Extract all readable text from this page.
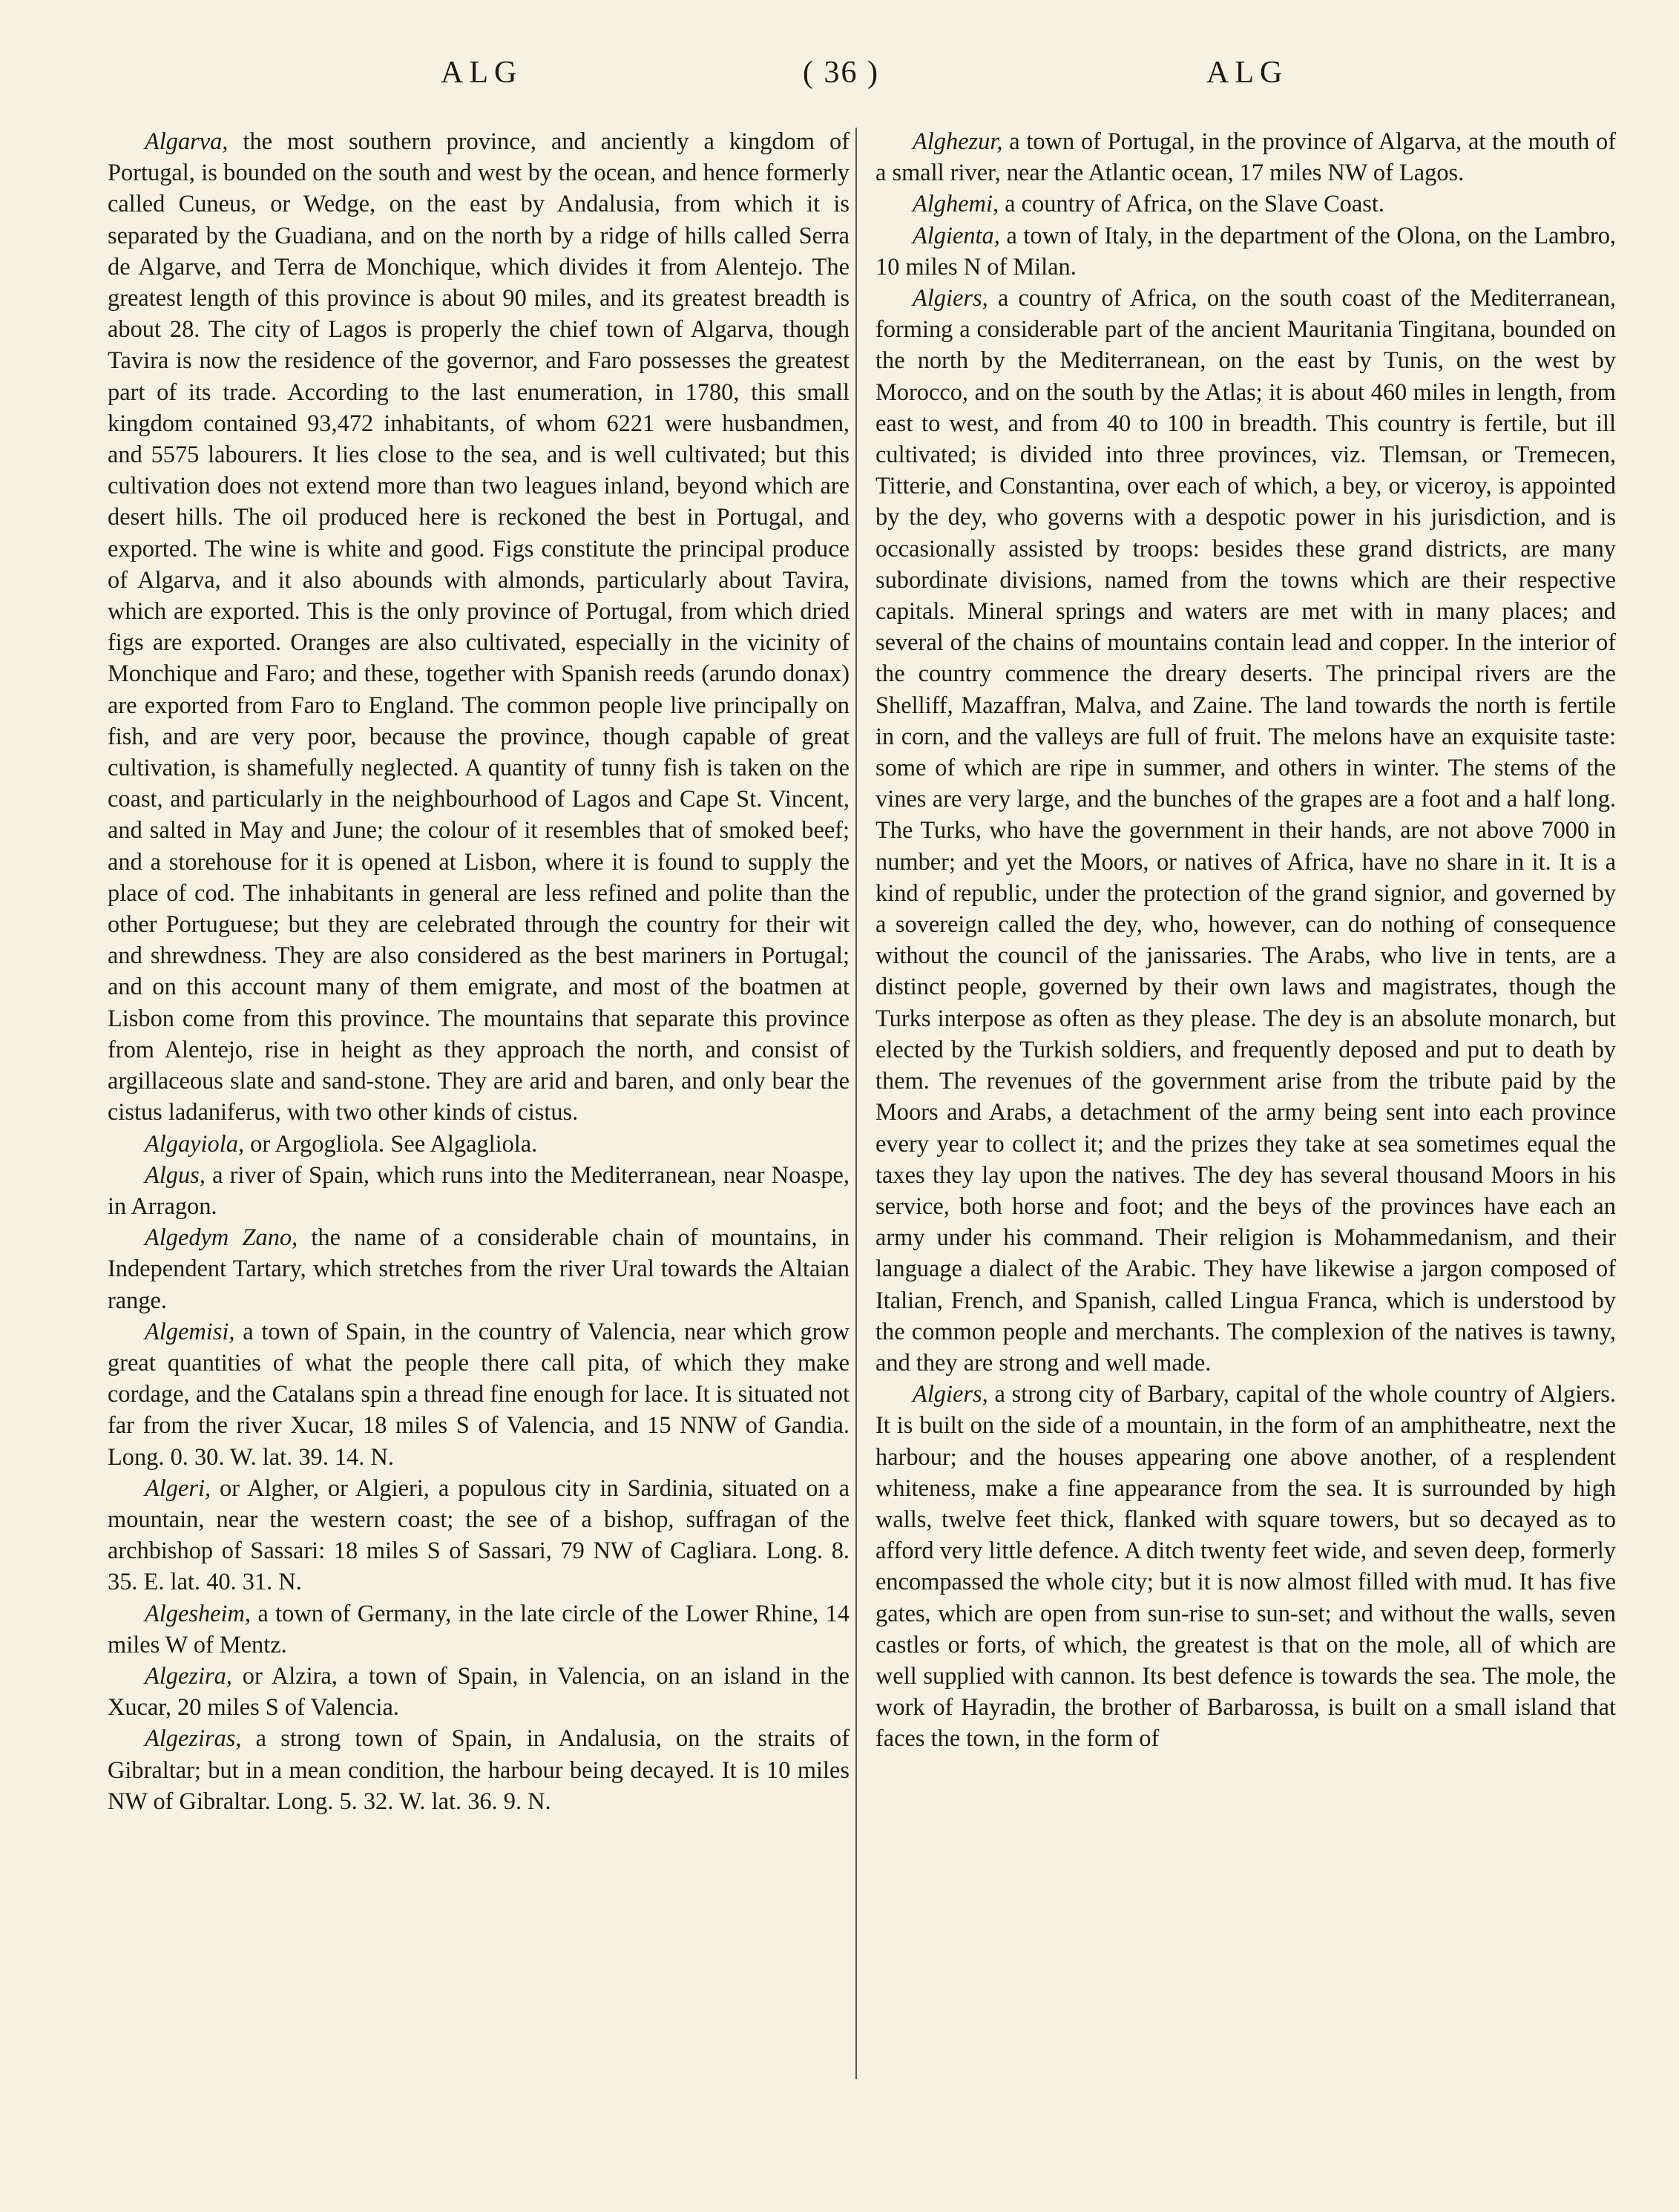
ALG	( 36 )	ALG

Algarva, the most southern province, and anciently a kingdom of Portugal, is bounded on the south and west by the ocean, and hence formerly called Cuneus, or Wedge, on the east by Andalusia, from which it is separated by the Guadiana, and on the north by a ridge of hills called Serra de Algarve, and Terra de Monchique, which divides it from Alentejo. The greatest length of this province is about 90 miles, and its greatest breadth is about 28. The city of Lagos is properly the chief town of Algarva, though Tavira is now the residence of the governor, and Faro possesses the greatest part of its trade. According to the last enumeration, in 1780, this small kingdom contained 93,472 inhabitants, of whom 6221 were husbandmen, and 5575 labourers. It lies close to the sea, and is well cultivated; but this cultivation does not extend more than two leagues inland, beyond which are desert hills. The oil produced here is reckoned the best in Portugal, and exported. The wine is white and good. Figs constitute the principal produce of Algarva, and it also abounds with almonds, particularly about Tavira, which are exported. This is the only province of Portugal, from which dried figs are exported. Oranges are also cultivated, especially in the vicinity of Monchique and Faro; and these, together with Spanish reeds (arundo donax) are exported from Faro to England. The common people live principally on fish, and are very poor, because the province, though capable of great cultivation, is shamefully neglected. A quantity of tunny fish is taken on the coast, and particularly in the neighbourhood of Lagos and Cape St. Vincent, and salted in May and June; the colour of it resembles that of smoked beef; and a storehouse for it is opened at Lisbon, where it is found to supply the place of cod. The inhabitants in general are less refined and polite than the other Portuguese; but they are celebrated through the country for their wit and shrewdness. They are also considered as the best mariners in Portugal; and on this account many of them emigrate, and most of the boatmen at Lisbon come from this province. The mountains that separate this province from Alentejo, rise in height as they approach the north, and consist of argillaceous slate and sand-stone. They are arid and baren, and only bear the cistus ladaniferus, with two other kinds of cistus.

Algayiola, or Argogliola. See Algagliola.

Algus, a river of Spain, which runs into the Mediterranean, near Noaspe, in Arragon.

Algedym Zano, the name of a considerable chain of mountains, in Independent Tartary, which stretches from the river Ural towards the Altaian range.

Algemisi, a town of Spain, in the country of Valencia, near which grow great quantities of what the people there call pita, of which they make cordage, and the Catalans spin a thread fine enough for lace. It is situated not far from the river Xucar, 18 miles S of Valencia, and 15 NNW of Gandia. Long. 0. 30. W. lat. 39. 14. N.

Algeri, or Algher, or Algieri, a populous city in Sardinia, situated on a mountain, near the western coast; the see of a bishop, suffragan of the archbishop of Sassari: 18 miles S of Sassari, 79 NW of Cagliara. Long. 8. 35. E. lat. 40. 31. N.

Algesheim, a town of Germany, in the late circle of the Lower Rhine, 14 miles W of Mentz.

Algezira, or Alzira, a town of Spain, in Valencia, on an island in the Xucar, 20 miles S of Valencia.

Algeziras, a strong town of Spain, in Andalusia, on the straits of Gibraltar; but in a mean condition, the harbour being decayed. It is 10 miles NW of Gibraltar. Long. 5. 32. W. lat. 36. 9. N.

Alghezur, a town of Portugal, in the province of Algarva, at the mouth of a small river, near the Atlantic ocean, 17 miles NW of Lagos.

Alghemi, a country of Africa, on the Slave Coast.

Algienta, a town of Italy, in the department of the Olona, on the Lambro, 10 miles N of Milan.

Algiers, a country of Africa, on the south coast of the Mediterranean, forming a considerable part of the ancient Mauritania Tingitana, bounded on the north by the Mediterranean, on the east by Tunis, on the west by Morocco, and on the south by the Atlas; it is about 460 miles in length, from east to west, and from 40 to 100 in breadth. This country is fertile, but ill cultivated; is divided into three provinces, viz. Tlemsan, or Tremecen, Titterie, and Constantina, over each of which, a bey, or viceroy, is appointed by the dey, who governs with a despotic power in his jurisdiction, and is occasionally assisted by troops: besides these grand districts, are many subordinate divisions, named from the towns which are their respective capitals. Mineral springs and waters are met with in many places; and several of the chains of mountains contain lead and copper. In the interior of the country commence the dreary deserts. The principal rivers are the Shelliff, Mazaffran, Malva, and Zaine. The land towards the north is fertile in corn, and the valleys are full of fruit. The melons have an exquisite taste: some of which are ripe in summer, and others in winter. The stems of the vines are very large, and the bunches of the grapes are a foot and a half long. The Turks, who have the government in their hands, are not above 7000 in number; and yet the Moors, or natives of Africa, have no share in it. It is a kind of republic, under the protection of the grand signior, and governed by a sovereign called the dey, who, however, can do nothing of consequence without the council of the janissaries. The Arabs, who live in tents, are a distinct people, governed by their own laws and magistrates, though the Turks interpose as often as they please. The dey is an absolute monarch, but elected by the Turkish soldiers, and frequently deposed and put to death by them. The revenues of the government arise from the tribute paid by the Moors and Arabs, a detachment of the army being sent into each province every year to collect it; and the prizes they take at sea sometimes equal the taxes they lay upon the natives. The dey has several thousand Moors in his service, both horse and foot; and the beys of the provinces have each an army under his command. Their religion is Mohammedanism, and their language a dialect of the Arabic. They have likewise a jargon composed of Italian, French, and Spanish, called Lingua Franca, which is understood by the common people and merchants. The complexion of the natives is tawny, and they are strong and well made.

Algiers, a strong city of Barbary, capital of the whole country of Algiers. It is built on the side of a mountain, in the form of an amphitheatre, next the harbour; and the houses appearing one above another, of a resplendent whiteness, make a fine appearance from the sea. It is surrounded by high walls, twelve feet thick, flanked with square towers, but so decayed as to afford very little defence. A ditch twenty feet wide, and seven deep, formerly encompassed the whole city; but it is now almost filled with mud. It has five gates, which are open from sun-rise to sun-set; and without the walls, seven castles or forts, of which, the greatest is that on the mole, all of which are well supplied with cannon. Its best defence is towards the sea. The mole, the work of Hayradin, the brother of Barbarossa, is built on a small island that faces the town, in the form of
